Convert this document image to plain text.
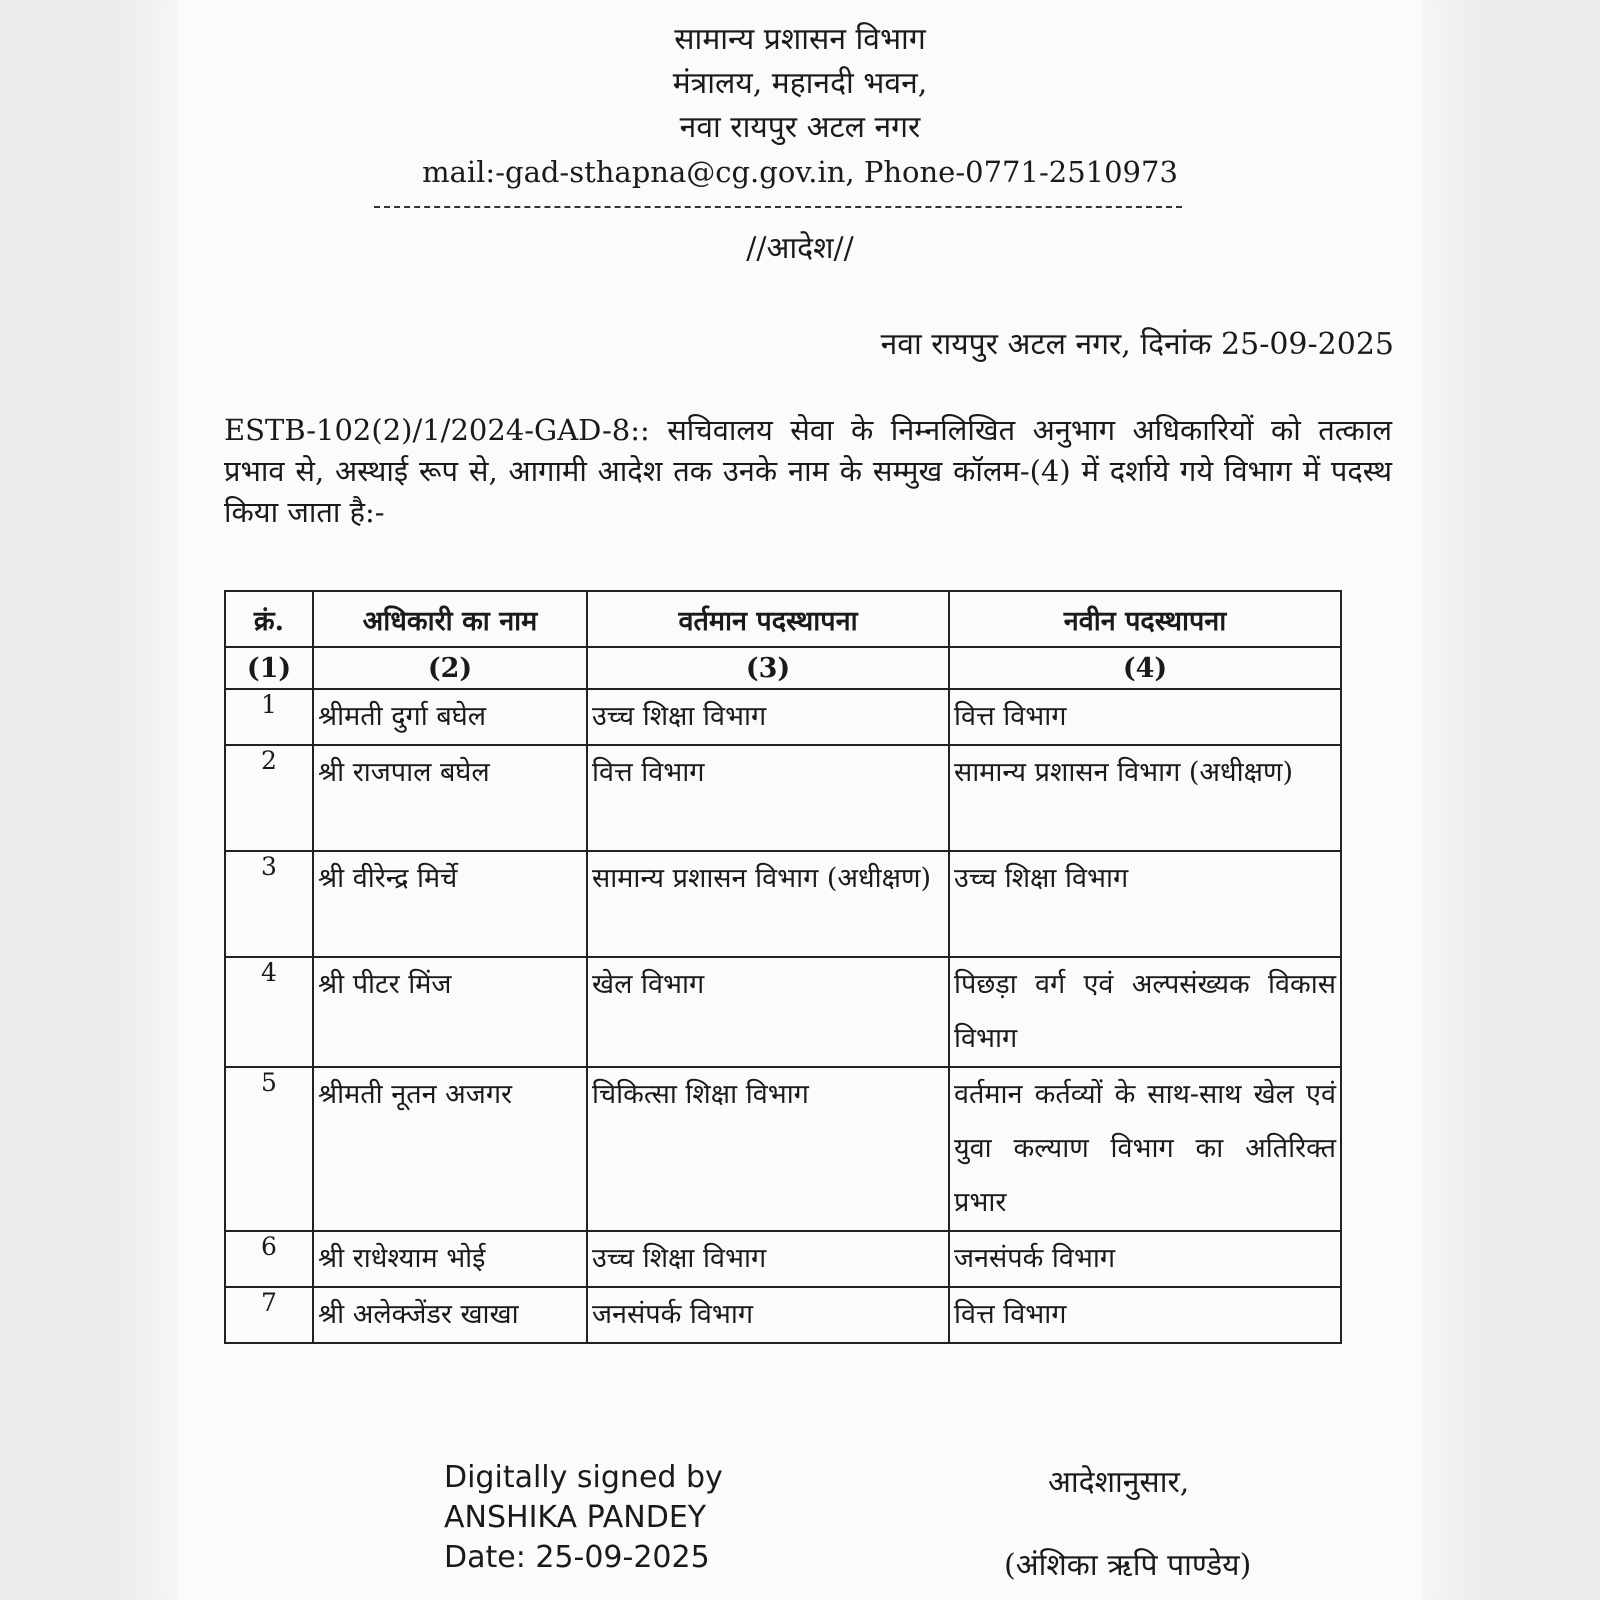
सामान्य प्रशासन विभाग
मंत्रालय, महानदी भवन,
नवा रायपुर अटल नगर
mail:-gad-sthapna@cg.gov.in, Phone-0771-2510973
//आदेश//
नवा रायपुर अटल नगर, दिनांक 25-09-2025
ESTB-102(2)/1/2024-GAD-8:: सचिवालय सेवा के निम्नलिखित अनुभाग अधिकारियों को तत्काल प्रभाव से, अस्थाई रूप से, आगामी आदेश तक उनके नाम के सम्मुख कॉलम-(4) में दर्शाये गये विभाग में पदस्थ किया जाता है:-
क्रं.	अधिकारी का नाम	वर्तमान पदस्थापना	नवीन पदस्थापना
(1)	(2)	(3)	(4)
1	श्रीमती दुर्गा बघेल	उच्च शिक्षा विभाग	वित्त विभाग
2	श्री राजपाल बघेल	वित्त विभाग	सामान्य प्रशासन विभाग (अधीक्षण)
3	श्री वीरेन्द्र मिर्चे	सामान्य प्रशासन विभाग (अधीक्षण)	उच्च शिक्षा विभाग
4	श्री पीटर मिंज	खेल विभाग	पिछड़ा वर्ग एवं अल्पसंख्यक विकास विभाग
5	श्रीमती नूतन अजगर	चिकित्सा शिक्षा विभाग	वर्तमान कर्तव्यों के साथ-साथ खेल एवं युवा कल्याण विभाग का अतिरिक्त प्रभार
6	श्री राधेश्याम भोई	उच्च शिक्षा विभाग	जनसंपर्क विभाग
7	श्री अलेक्जेंडर खाखा	जनसंपर्क विभाग	वित्त विभाग
Digitally signed by
ANSHIKA PANDEY
Date: 25-09-2025
आदेशानुसार,
(अंशिका ऋपि पाण्डेय)
